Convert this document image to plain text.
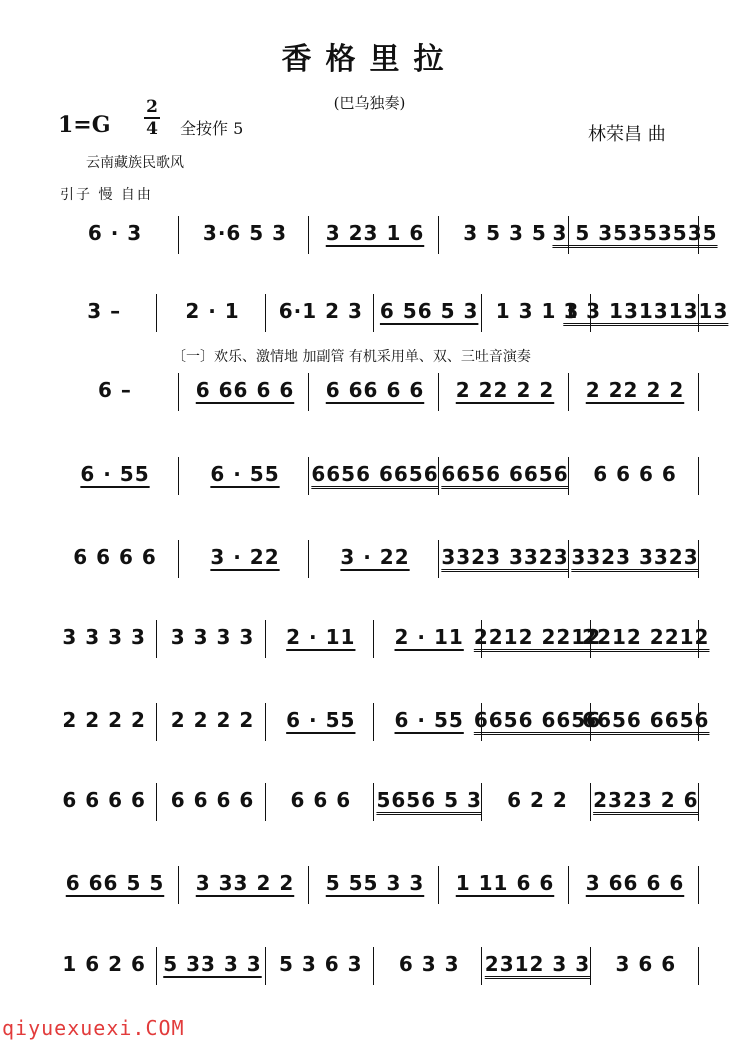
香格里拉
(巴乌独奏)
1=G
2
4 全按作 5	林荣昌 曲
云南藏族民歌风
引子 慢 自由
〔一〕欢乐、激情地 加副管 有机采用单、双、三吐音演奏
6 · 3	3·6 5 3 3 23 1 6 3 5 3 5 3 5 35353535
3 –	2 · 1 6·1 2 3 6 56 5 3 1 3 1 3
1 3 13131313
6 –	6 66 6 6 6 66 6 6 2 22 2 2 2 22 2 2
6 · 55	6 · 55 6656 6656 6656 6656 6 6 6 6
6 6 6 6	3 · 22	3 · 22 3323 3323 3323 3323
3 3 3 3 3 3 3 3 2 · 11 2 · 11 2212 2212
2212 2212
2 2 2 2 2 2 2 2 6 · 55 6 · 55 6656 6656
6656 6656
6 6 6 6 6 6 6 6 6 6 6 5656 5 3 6 2 2 2323 2 6
6 66 5 5 3 33 2 2 5 55 3 3 1 11 6 6 3 66 6 6
1 6 2 6 5 33 3 3 5 3 6 3 6 3 3 2312 3 3 3 6 6
qiyuexuexi.COM
